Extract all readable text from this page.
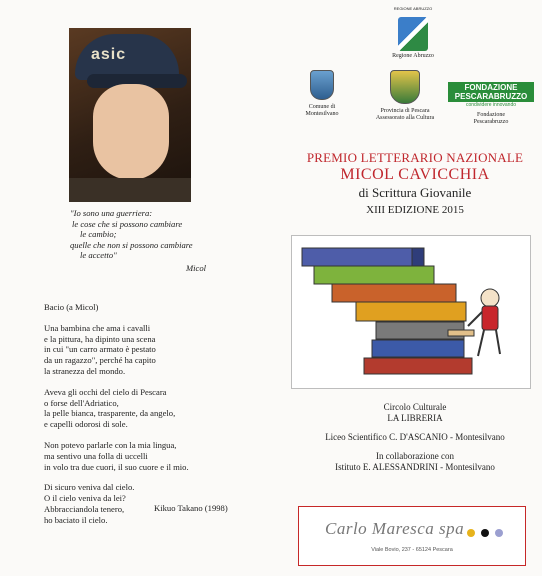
asic
"Io sono una guerriera:
le cose che si possono cambiare
le cambio;
quelle che non si possono cambiare
le accetto"
Micol
Bacio (a Micol)
Una bambina che ama i cavalli
e la pittura, ha dipinto una scena
in cui "un carro armato è pestato
da un ragazzo", perché ha capito
la stranezza del mondo.
Aveva gli occhi del cielo di Pescara
o forse dell'Adriatico,
la pelle bianca, trasparente, da angelo,
e capelli odorosi di sole.
Non potevo parlarle con la mia lingua,
ma sentivo una folla di uccelli
in volo tra due cuori, il suo cuore e il mio.
Di sicuro veniva dal cielo.
O il cielo veniva da lei?
Abbracciandola tenero,
ho baciato il cielo.
Kikuo Takano (1998)
REGIONE ABRUZZO
Regione Abruzzo
Comune di
Montesilvano	Provincia di Pescara
Assessorato alla Cultura
FONDAZIONE PESCARABRUZZO
condividere innovando
Fondazione
Pescarabruzzo
PREMIO LETTERARIO NAZIONALE
MICOL CAVICCHIA
di Scrittura Giovanile
XIII EDIZIONE 2015
Circolo Culturale
LA LIBRERIA
Liceo Scientifico C. D'ASCANIO - Montesilvano
In collaborazione con
Istituto E. ALESSANDRINI - Montesilvano
Carlo Maresca spa
Viale Bovio, 237 - 65124 Pescara
